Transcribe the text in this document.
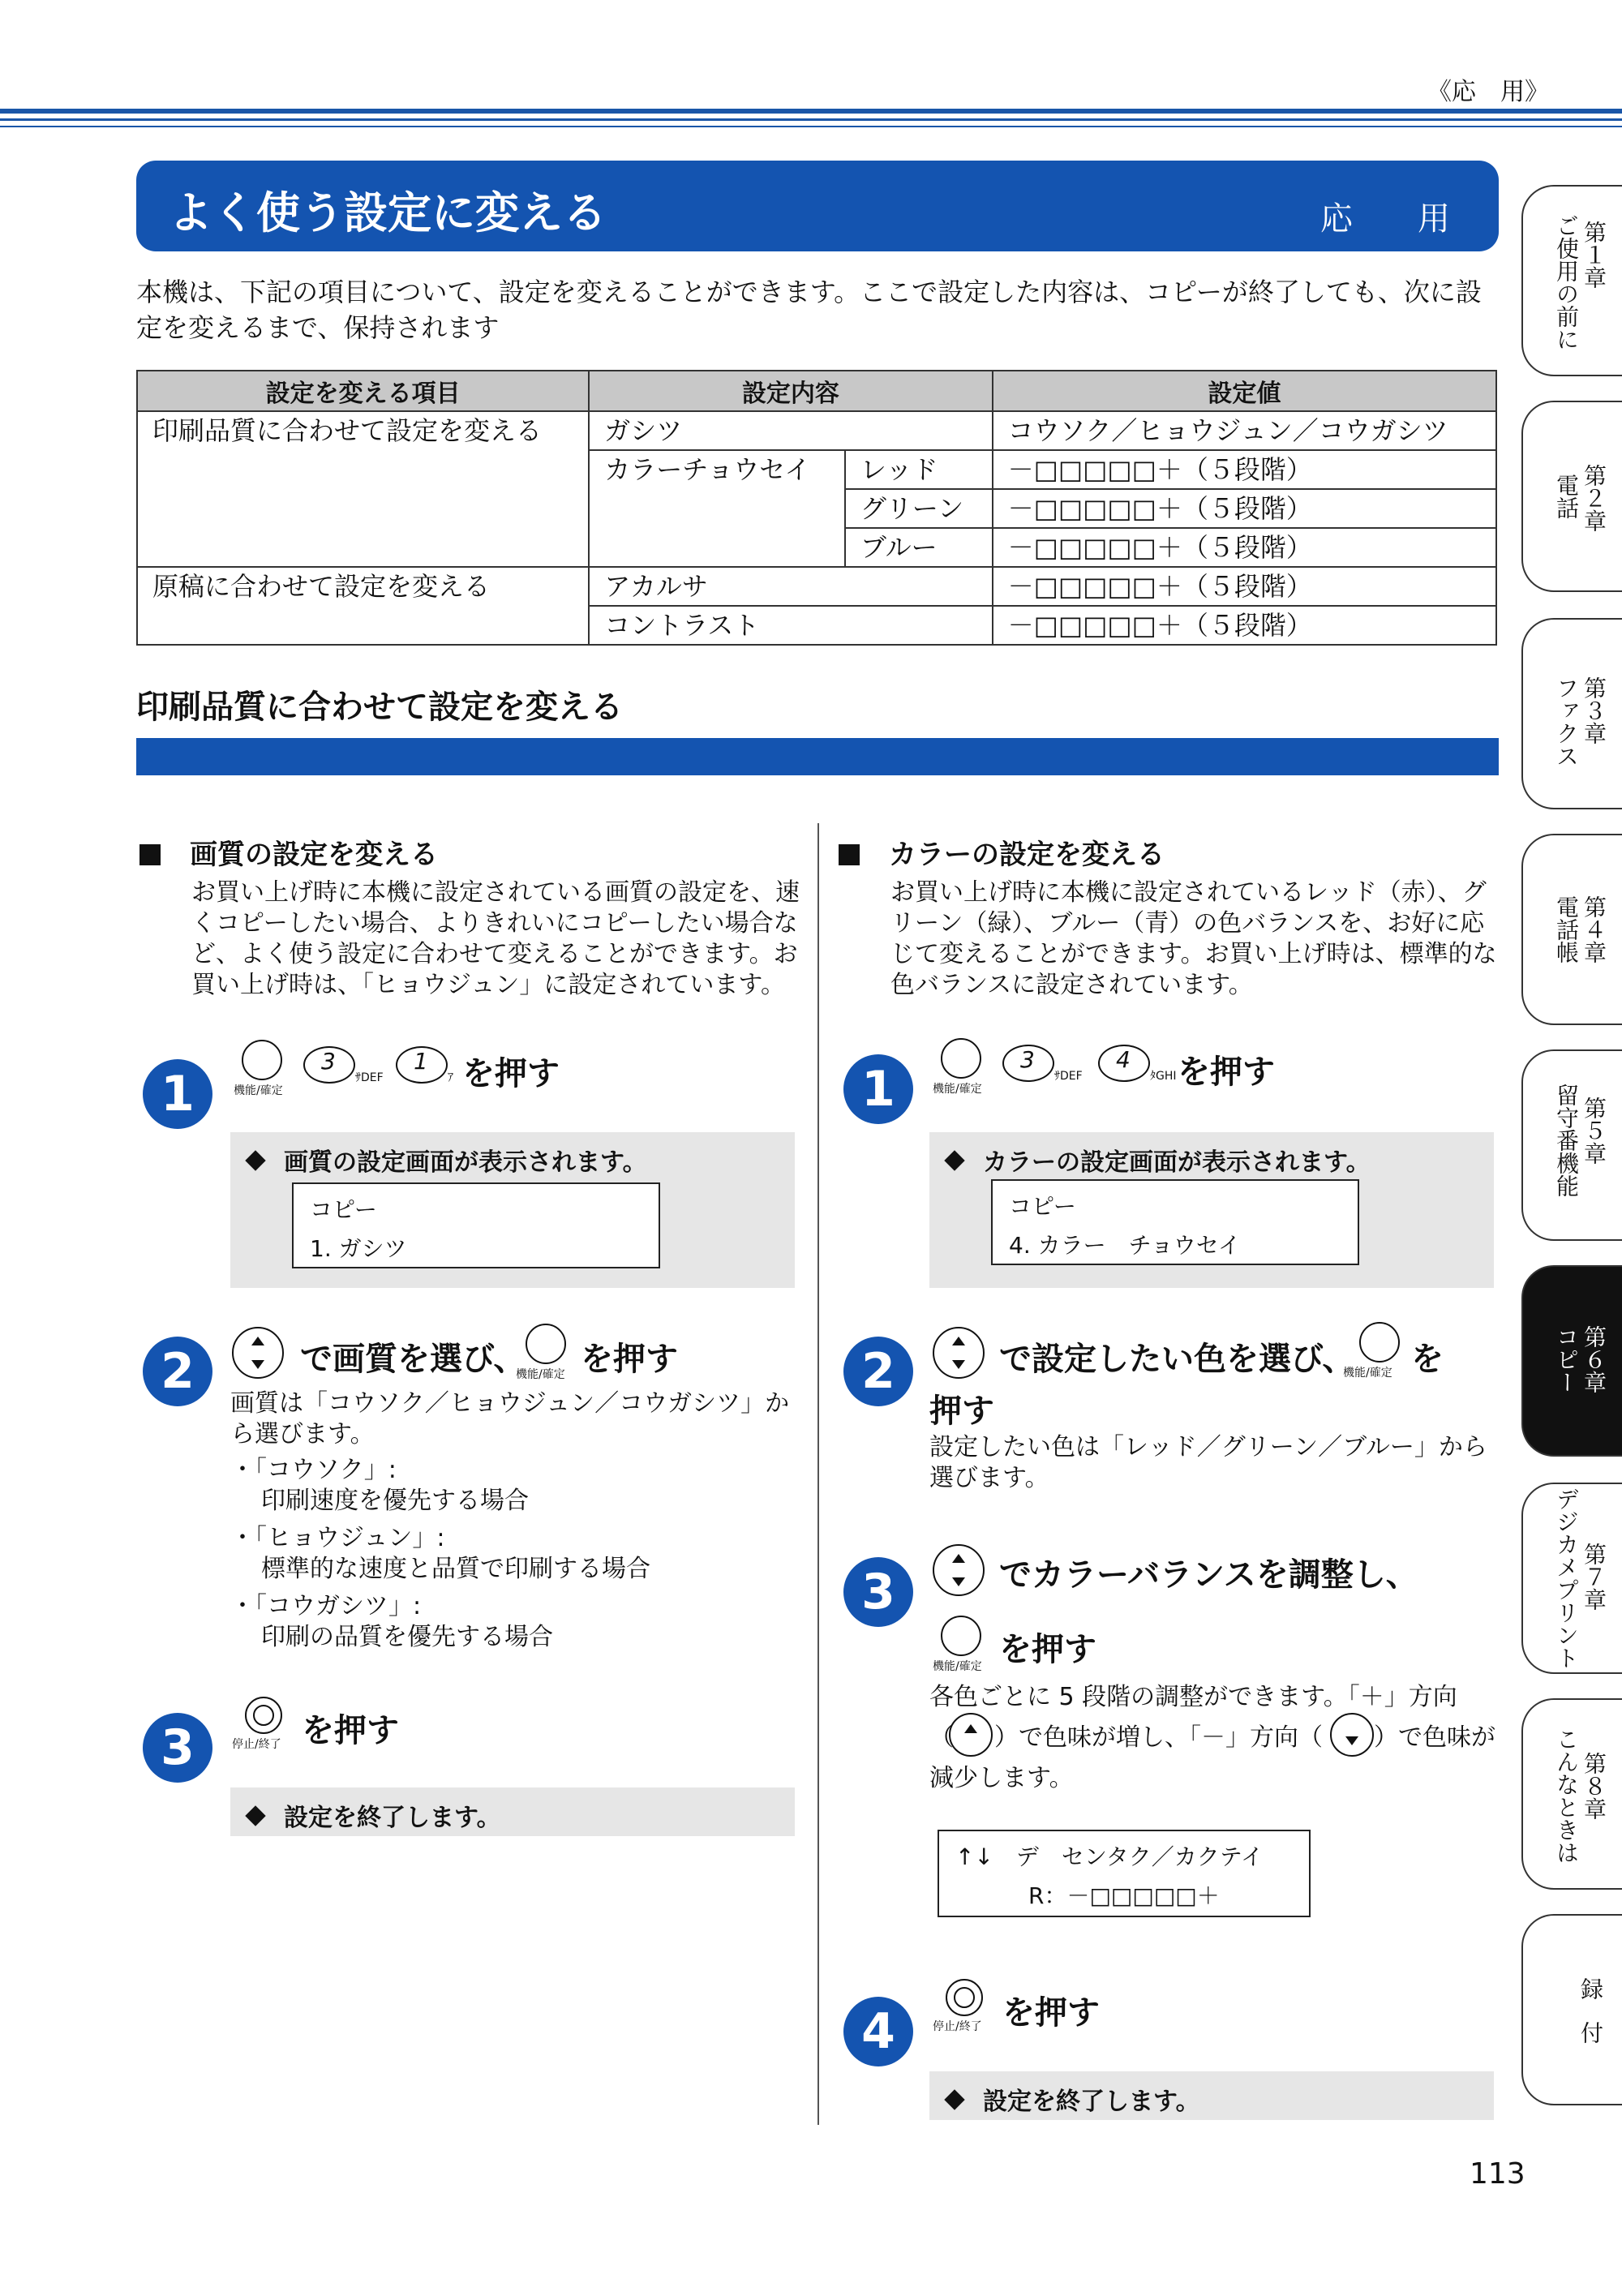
《応　用》
よく使う設定に変える	応　用
本機は、下記の項目について、設定を変えることができます。ここで設定した内容は、コピーが終了しても、次に設定を変えるまで、保持されます
設定を変える項目	設定内容		設定値
印刷品質に合わせて設定を変える	ガシツ		コウソク／ヒョウジュン／コウガシツ
	カラーチョウセイ	レッド	－□□□□□＋（５段階）
		グリーン	－□□□□□＋（５段階）
		ブルー	－□□□□□＋（５段階）
原稿に合わせて設定を変える	アカルサ		－□□□□□＋（５段階）
	コントラスト		－□□□□□＋（５段階）
印刷品質に合わせて設定を変える
画質の設定を変える
お買い上げ時に本機に設定されている画質の設定を、速くコピーしたい場合、よりきれいにコピーしたい場合など、よく使う設定に合わせて変えることができます。お買い上げ時は、「ヒョウジュン」に設定されています。
1	機能/確定
3
ｻDEF
1
ｱ を押す
画質の設定画面が表示されます。
コピー
1. ガシツ
2	で画質を選び、
機能/確定 を押す
画質は「コウソク／ヒョウジュン／コウガシツ」から選びます。
・「コウソク」:
印刷速度を優先する場合
・「ヒョウジュン」:
標準的な速度と品質で印刷する場合
・「コウガシツ」:
印刷の品質を優先する場合
3	停止/終了 を押す
設定を終了します。
カラーの設定を変える
お買い上げ時に本機に設定されているレッド（赤）、グリーン（緑）、ブルー（青）の色バランスを、お好に応じて変えることができます。お買い上げ時は、標準的な色バランスに設定されています。
1	機能/確定
3
ｻDEF
4
ﾀGHI を押す
カラーの設定画面が表示されます。
コピー
4. カラー　チョウセイ
2	で設定したい色を選び、
機能/確定 を
押す
設定したい色は「レッド／グリーン／ブルー」から選びます。
3	でカラーバランスを調整し、
機能/確定 を押す
各色ごとに 5 段階の調整ができます。「＋」方向
（ ）で色味が増し、「－」方向（ ）で色味が
減少します。
↑↓　デ　センタク／カクテイ
R：－□□□□□＋
4	停止/終了 を押す
設定を終了します。
第１章
ご使用の前に
第２章
電話
第３章
ファクス
第４章
電話帳
第５章
留守番機能
第６章
コピー
第７章
デジカメプリント
第８章
こんなときは
付
録
113
